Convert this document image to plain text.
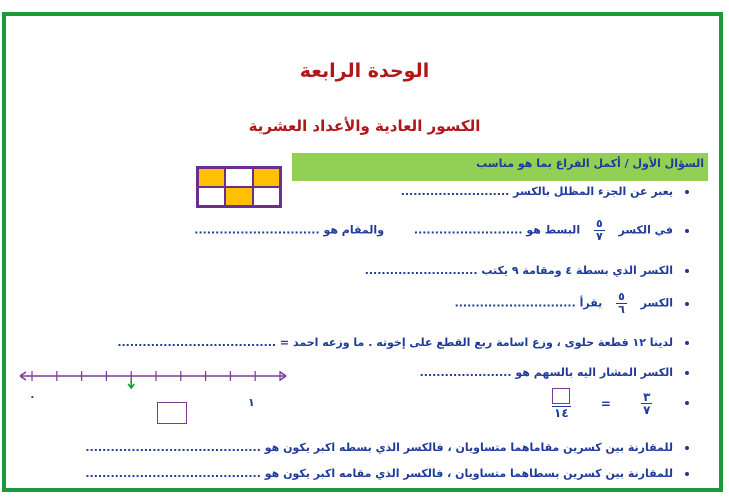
الوحدة الرابعة
الكسور العادية والأعداد العشرية
السؤال الأول / أكمل الفراغ بما هو مناسب
يعبر عن الجزء المظلل بالكسر ..........................
في الكسر
$\frac{٥}{٧}$
البسط هو .......................... والمقام هو ..............................
الكسر الذي بسطة ٤ ومقامة ٩ يكتب ...........................
الكسر
$\frac{٥}{٦}$
يقرأ .............................
لدينا ١٢ قطعة حلوى ، وزع اسامة ربع القطع على إخوته . ما وزعه احمد = ......................................
الكسر المشار اليه بالسهم هو ......................
٠	١
١٤
=	$\frac{٣}{٧}$
للمقارنة بين كسرين مقاماهما متساويان ، فالكسر الذي بسطه اكبر يكون هو ..........................................
للمقارنة بين كسرين بسطاهما متساويان ، فالكسر الذي مقامه اكبر يكون هو ..........................................
